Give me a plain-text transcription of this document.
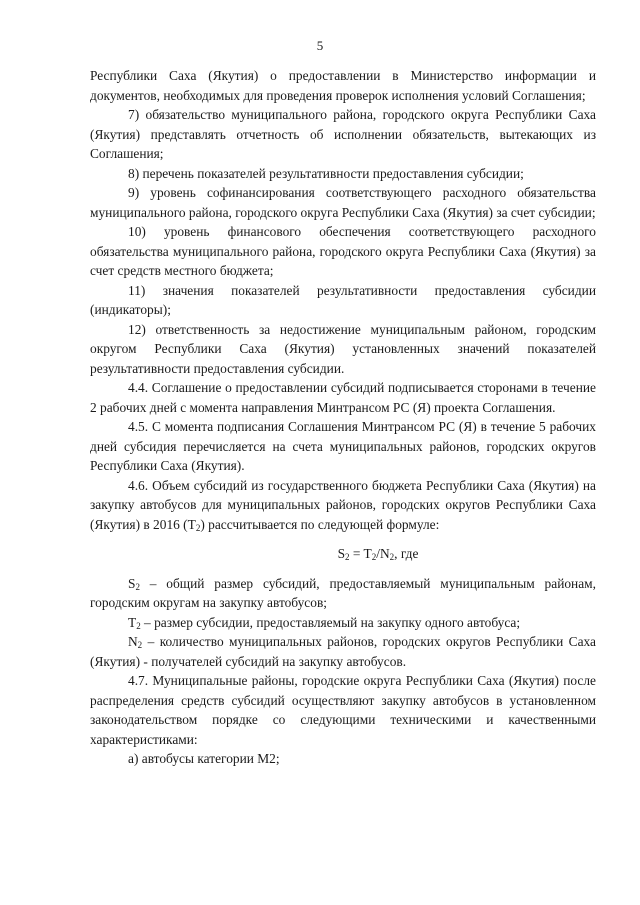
5

Республики Саха (Якутия) о предоставлении в Министерство информации и документов, необходимых для проведения проверок исполнения условий Соглашения;

7) обязательство муниципального района, городского округа Республики Саха (Якутия) представлять отчетность об исполнении обязательств, вытекающих из Соглашения;

8) перечень показателей результативности предоставления субсидии;

9) уровень софинансирования соответствующего расходного обязательства муниципального района, городского округа Республики Саха (Якутия) за счет субсидии;

10) уровень финансового обеспечения соответствующего расходного обязательства муниципального района, городского округа Республики Саха (Якутия) за счет средств местного бюджета;

11) значения показателей результативности предоставления субсидии (индикаторы);

12) ответственность за недостижение муниципальным районом, городским округом Республики Саха (Якутия) установленных значений показателей результативности предоставления субсидии.

4.4. Соглашение о предоставлении субсидий подписывается сторонами в течение 2 рабочих дней с момента направления Минтрансом РС (Я) проекта Соглашения.

4.5. С момента подписания Соглашения Минтрансом РС (Я) в течение 5 рабочих дней субсидия перечисляется на счета муниципальных районов, городских округов Республики Саха (Якутия).

4.6. Объем субсидий из государственного бюджета Республики Саха (Якутия) на закупку автобусов для муниципальных районов, городских округов Республики Саха (Якутия) в 2016 $(T_2)$ рассчитывается по следующей формуле:

$S_2 = T_2/N_2$, где

$S_2$ – общий размер субсидий, предоставляемый муниципальным районам, городским округам на закупку автобусов;

$T_2$ – размер субсидии, предоставляемый на закупку одного автобуса;

$N_2$ – количество муниципальных районов, городских округов Республики Саха (Якутия) - получателей субсидий на закупку автобусов.

4.7. Муниципальные районы, городские округа Республики Саха (Якутия) после распределения средств субсидий осуществляют закупку автобусов в установленном законодательством порядке со следующими техническими и качественными характеристиками:

а) автобусы категории М2;
